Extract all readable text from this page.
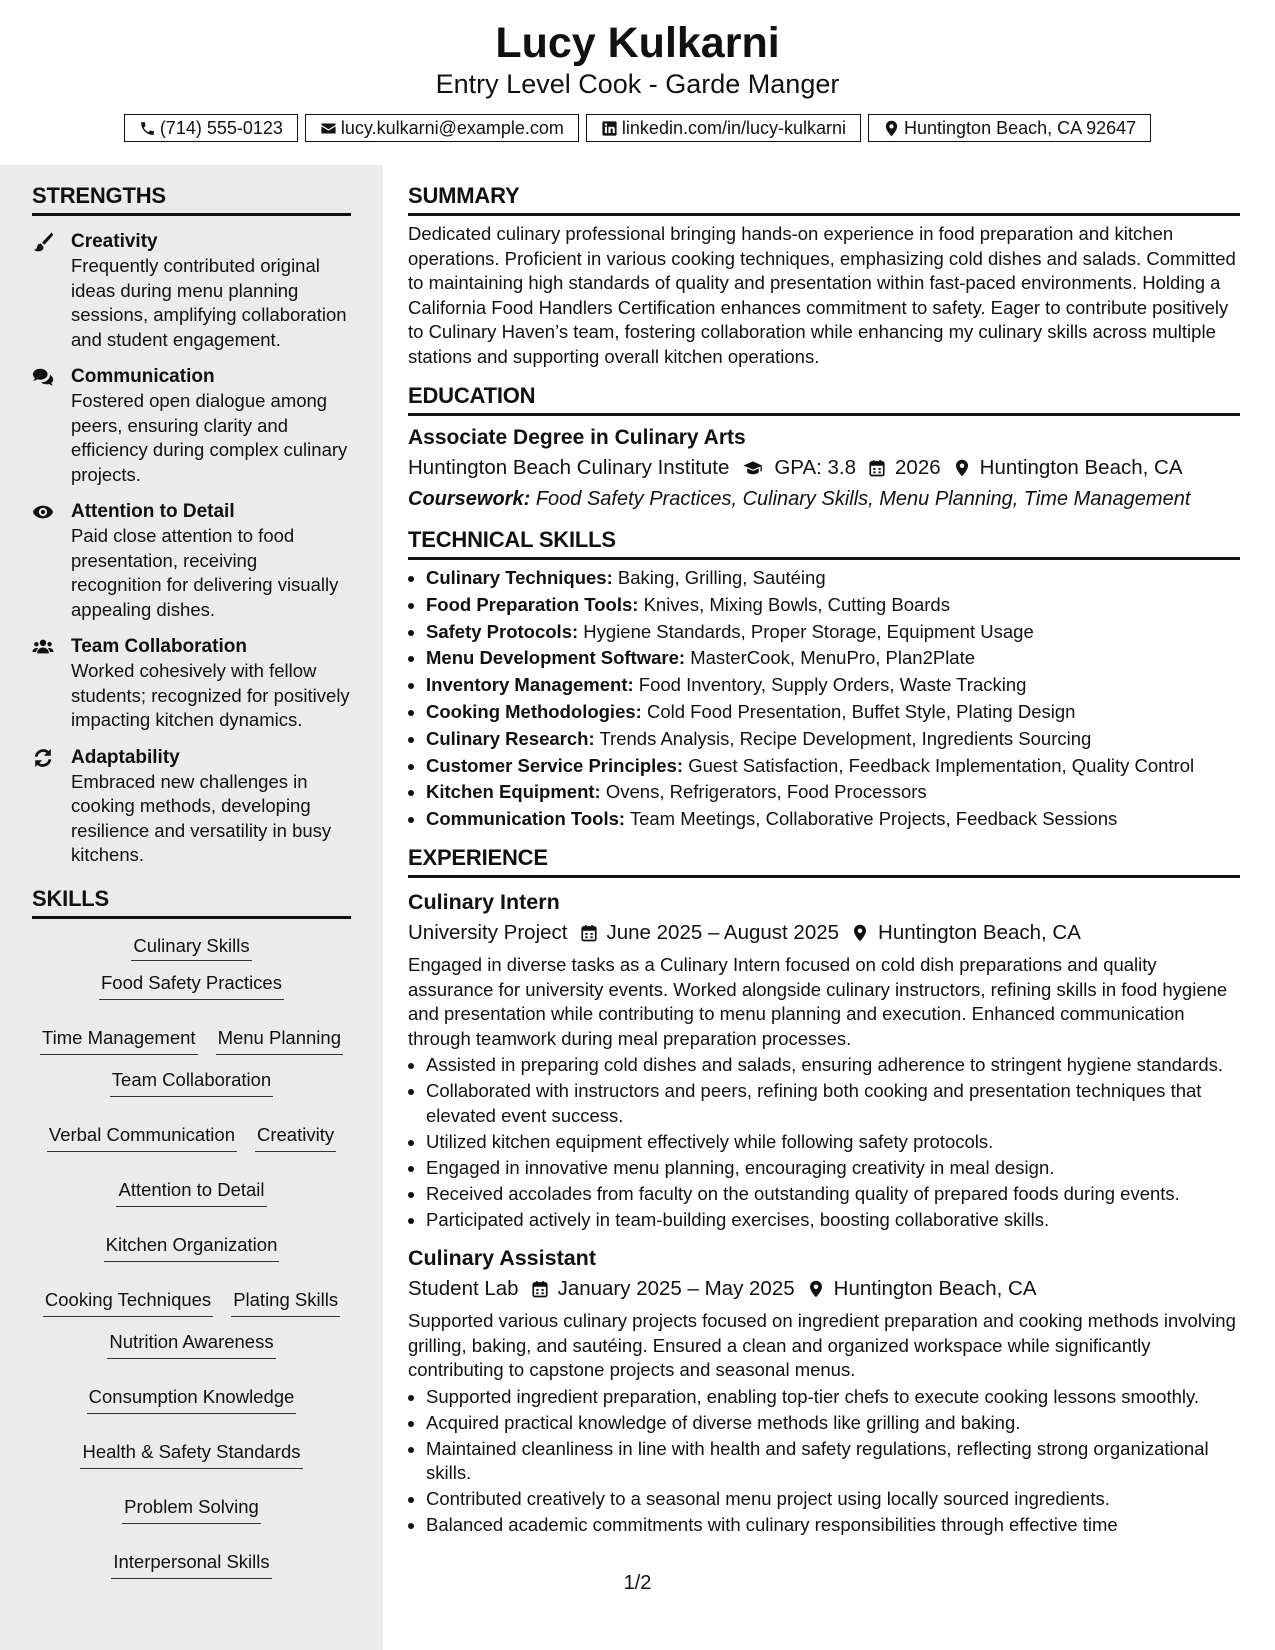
Lucy Kulkarni
Entry Level Cook - Garde Manger
(714) 555-0123	lucy.kulkarni@example.com	linkedin.com/in/lucy-kulkarni	Huntington Beach, CA 92647
STRENGTHS
Creativity
Frequently contributed original ideas during menu planning sessions, amplifying collaboration and student engagement.
Communication
Fostered open dialogue among peers, ensuring clarity and efficiency during complex culinary projects.
Attention to Detail
Paid close attention to food presentation, receiving recognition for delivering visually appealing dishes.
Team Collaboration
Worked cohesively with fellow students; recognized for positively impacting kitchen dynamics.
Adaptability
Embraced new challenges in cooking methods, developing resilience and versatility in busy kitchens.
SKILLS
Culinary Skills
Food Safety Practices
Time Management Menu Planning
Team Collaboration
Verbal Communication Creativity
Attention to Detail
Kitchen Organization
Cooking Techniques Plating Skills
Nutrition Awareness
Consumption Knowledge
Health & Safety Standards
Problem Solving
Interpersonal Skills
SUMMARY
Dedicated culinary professional bringing hands-on experience in food preparation and kitchen operations. Proficient in various cooking techniques, emphasizing cold dishes and salads. Committed to maintaining high standards of quality and presentation within fast-paced environments. Holding a California Food Handlers Certification enhances commitment to safety. Eager to contribute positively to Culinary Haven’s team, fostering collaboration while enhancing my culinary skills across multiple stations and supporting overall kitchen operations.
EDUCATION
Associate Degree in Culinary Arts
Huntington Beach Culinary Institute GPA: 3.8 2026 Huntington Beach, CA
Coursework: Food Safety Practices, Culinary Skills, Menu Planning, Time Management
TECHNICAL SKILLS
• Culinary Techniques: Baking, Grilling, Sautéing
• Food Preparation Tools: Knives, Mixing Bowls, Cutting Boards
• Safety Protocols: Hygiene Standards, Proper Storage, Equipment Usage
• Menu Development Software: MasterCook, MenuPro, Plan2Plate
• Inventory Management: Food Inventory, Supply Orders, Waste Tracking
• Cooking Methodologies: Cold Food Presentation, Buffet Style, Plating Design
• Culinary Research: Trends Analysis, Recipe Development, Ingredients Sourcing
• Customer Service Principles: Guest Satisfaction, Feedback Implementation, Quality Control
• Kitchen Equipment: Ovens, Refrigerators, Food Processors
• Communication Tools: Team Meetings, Collaborative Projects, Feedback Sessions
EXPERIENCE
Culinary Intern
University Project June 2025 – August 2025 Huntington Beach, CA
Engaged in diverse tasks as a Culinary Intern focused on cold dish preparations and quality assurance for university events. Worked alongside culinary instructors, refining skills in food hygiene and presentation while contributing to menu planning and execution. Enhanced communication through teamwork during meal preparation processes.
• Assisted in preparing cold dishes and salads, ensuring adherence to stringent hygiene standards.
• Collaborated with instructors and peers, refining both cooking and presentation techniques that elevated event success.
• Utilized kitchen equipment effectively while following safety protocols.
• Engaged in innovative menu planning, encouraging creativity in meal design.
• Received accolades from faculty on the outstanding quality of prepared foods during events.
• Participated actively in team-building exercises, boosting collaborative skills.
Culinary Assistant
Student Lab January 2025 – May 2025 Huntington Beach, CA
Supported various culinary projects focused on ingredient preparation and cooking methods involving grilling, baking, and sautéing. Ensured a clean and organized workspace while significantly contributing to capstone projects and seasonal menus.
• Supported ingredient preparation, enabling top-tier chefs to execute cooking lessons smoothly.
• Acquired practical knowledge of diverse methods like grilling and baking.
• Maintained cleanliness in line with health and safety regulations, reflecting strong organizational skills.
• Contributed creatively to a seasonal menu project using locally sourced ingredients.
• Balanced academic commitments with culinary responsibilities through effective time
1/2
